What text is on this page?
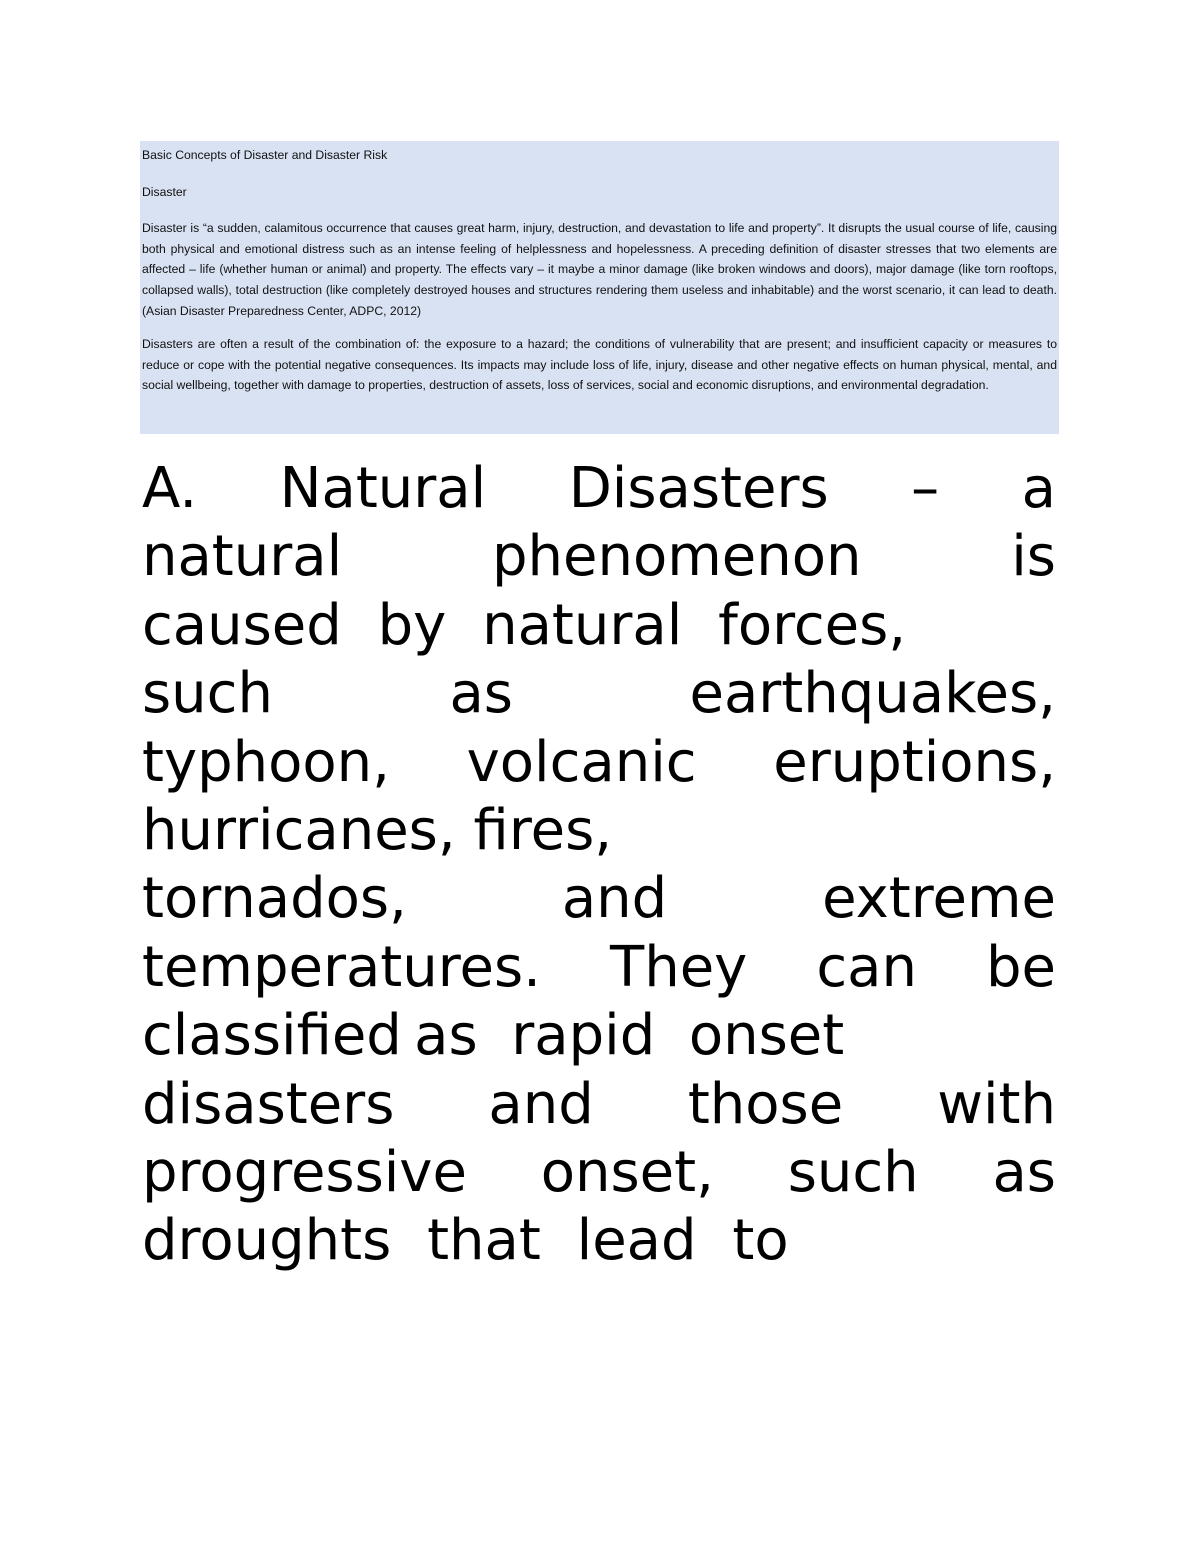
Basic Concepts of Disaster and Disaster Risk
Disaster

Disaster is “a sudden, calamitous occurrence that causes great harm, injury, destruction, and devastation to life and property”. It disrupts the usual course of life, causing both physical and emotional distress such as an intense feeling of helplessness and hopelessness. A preceding definition of disaster stresses that two elements are affected – life (whether human or animal) and property. The effects vary – it maybe a minor damage (like broken windows and doors), major damage (like torn rooftops, collapsed walls), total destruction (like completely destroyed houses and structures rendering them useless and inhabitable) and the worst scenario, it can lead to death. (Asian Disaster Preparedness Center, ADPC, 2012)

Disasters are often a result of the combination of: the exposure to a hazard; the conditions of vulnerability that are present; and insufficient capacity or measures to reduce or cope with the potential negative consequences. Its impacts may include loss of life, injury, disease and other negative effects on human physical, mental, and social wellbeing, together with damage to properties, destruction of assets, loss of services, social and economic disruptions, and environmental degradation.

A. Natural Disasters – a
natural	phenomenon	is
caused by natural forces,
such	as	earthquakes,
typhoon, volcanic eruptions,
hurricanes, fires,
tornados,	and	extreme
temperatures. They can be
classified as rapid onset
disasters and those with
progressive onset, such as
droughts that lead to
